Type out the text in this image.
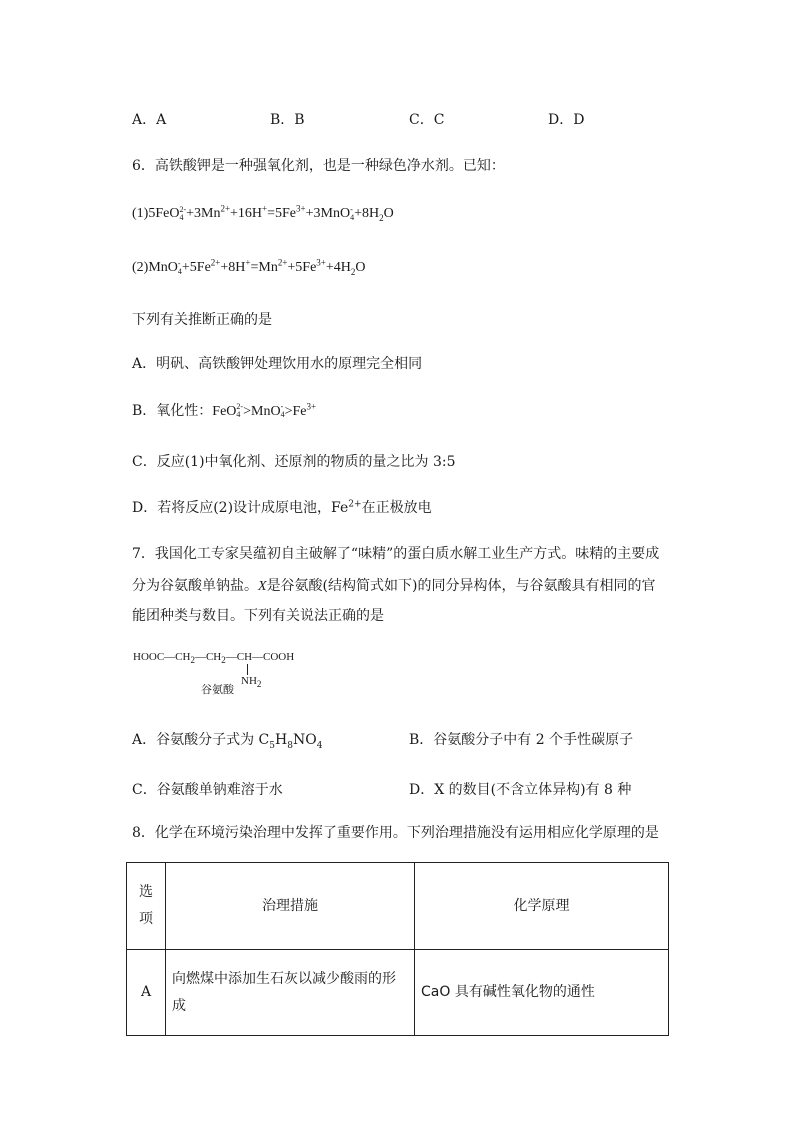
A．A	B．B	C．C	D．D
6．高铁酸钾是一种强氧化剂，也是一种绿色净水剂。已知：
(1)5FeO 2-
$4 +3Mn^{2+}+16H^+=5Fe^{3+}+3MnO$ -
$4 +8H_2O$
(2)MnO -
$4 +5Fe^{2+}+8H^+=Mn^{2+}+5Fe^{3+}+4H_2O$
下列有关推断正确的是
A．明矾、高铁酸钾处理饮用水的原理完全相同
B．氧化性：FeO 2-
4 >MnO -
$4 >Fe^{3+}$
C．反应(1)中氧化剂、还原剂的物质的量之比为 3:5
D．若将反应(2)设计成原电池，$Fe^{2+}$在正极放电
7．我国化工专家吴蕴初自主破解了“味精”的蛋白质水解工业生产方式。味精的主要成
分为谷氨酸单钠盐。X是谷氨酸(结构简式如下)的同分异构体，与谷氨酸具有相同的官
能团种类与数目。下列有关说法正确的是
$HOOC—CH_2—CH_2—CH—COOH$
$NH_2$
谷氨酸
A．谷氨酸分子式为 $C_5H_8NO_4$	B．谷氨酸分子中有 2 个手性碳原子
C．谷氨酸单钠难溶于水	D．X 的数目(不含立体异构)有 8 种
8．化学在环境污染治理中发挥了重要作用。下列治理措施没有运用相应化学原理的是
选
项	治理措施	化学原理
A	向燃煤中添加生石灰以减少酸雨的形
成	CaO 具有碱性氧化物的通性
